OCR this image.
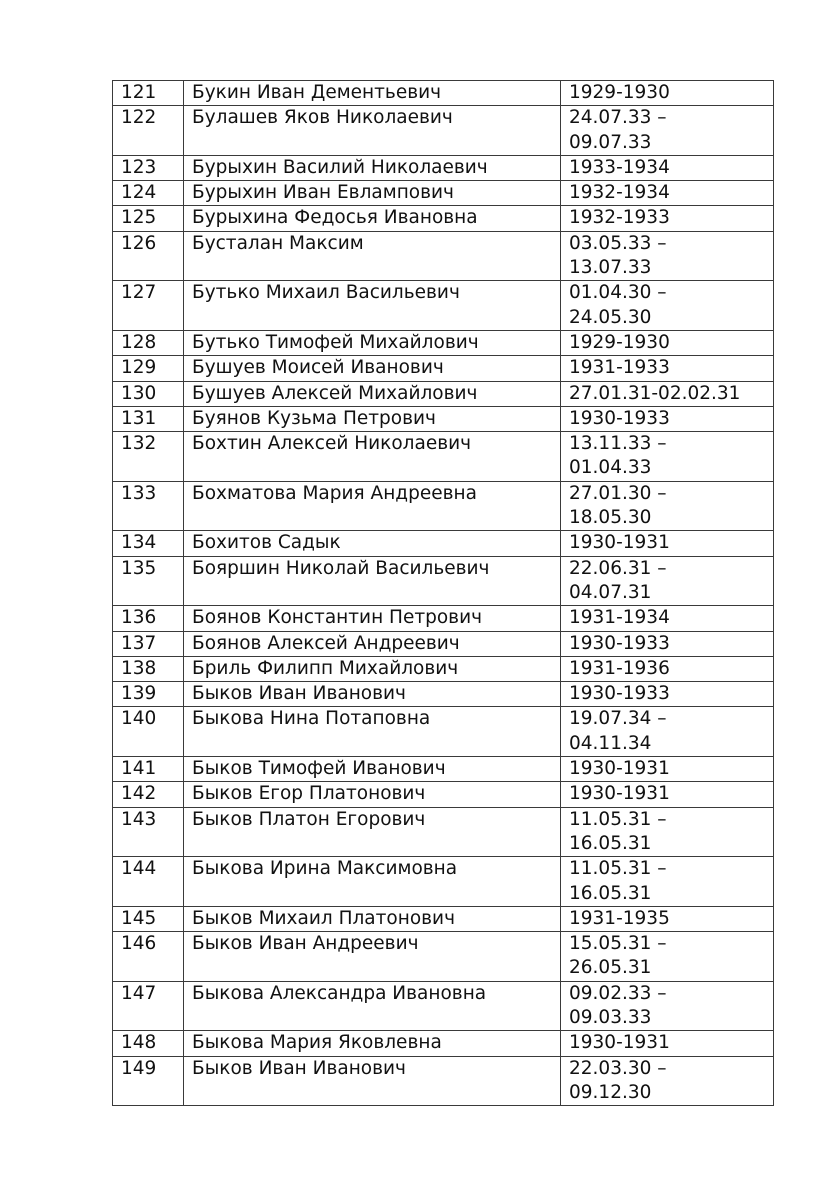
121	Букин Иван Дементьевич	1929-1930

122	Булашев Яков Николаевич	24.07.33 –
09.07.33

123	Бурыхин Василий Николаевич	1933-1934

124	Бурыхин Иван Евлампович	1932-1934

125	Бурыхина Федосья Ивановна	1932-1933

126	Бусталан Максим	03.05.33 –
13.07.33

127	Бутько Михаил Васильевич	01.04.30 –
24.05.30

128	Бутько Тимофей Михайлович	1929-1930

129	Бушуев Моисей Иванович	1931-1933

130	Бушуев Алексей Михайлович	27.01.31-02.02.31

131	Буянов Кузьма Петрович	1930-1933

132	Бохтин Алексей Николаевич	13.11.33 –
01.04.33

133	Бохматова Мария Андреевна	27.01.30 –
18.05.30

134	Бохитов Садык	1930-1931

135	Бояршин Николай Васильевич	22.06.31 –
04.07.31

136	Боянов Константин Петрович	1931-1934

137	Боянов Алексей Андреевич	1930-1933

138	Бриль Филипп Михайлович	1931-1936

139	Быков Иван Иванович	1930-1933

140	Быкова Нина Потаповна	19.07.34 –
04.11.34

141	Быков Тимофей Иванович	1930-1931

142	Быков Егор Платонович	1930-1931

143	Быков Платон Егорович	11.05.31 –
16.05.31

144	Быкова Ирина Максимовна	11.05.31 –
16.05.31

145	Быков Михаил Платонович	1931-1935

146	Быков Иван Андреевич	15.05.31 –
26.05.31

147	Быкова Александра Ивановна	09.02.33 –
09.03.33

148	Быкова Мария Яковлевна	1930-1931

149	Быков Иван Иванович	22.03.30 –
09.12.30
